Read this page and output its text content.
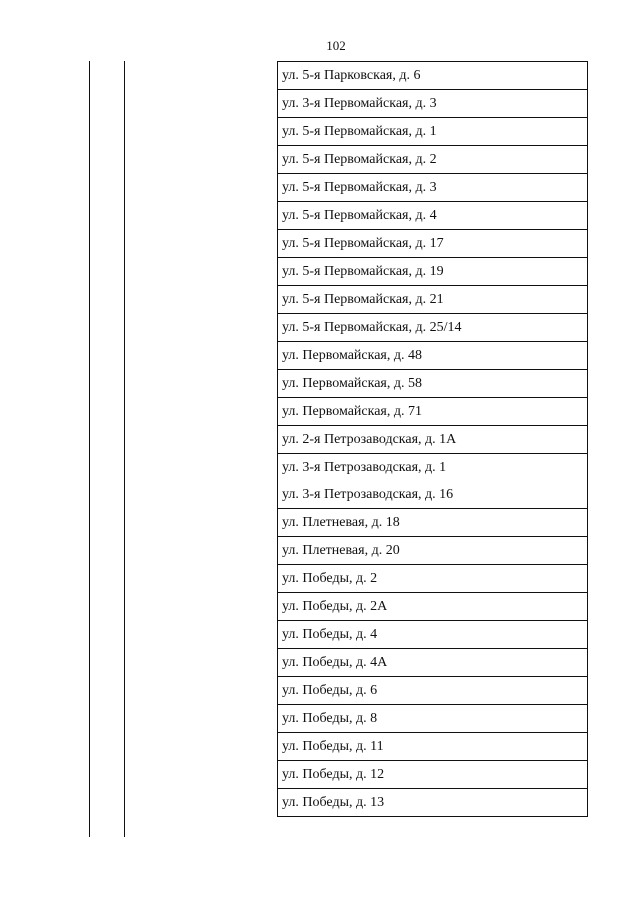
102
ул. 5-я Парковская, д. 6
ул. 3-я Первомайская, д. 3
ул. 5-я Первомайская, д. 1
ул. 5-я Первомайская, д. 2
ул. 5-я Первомайская, д. 3
ул. 5-я Первомайская, д. 4
ул. 5-я Первомайская, д. 17
ул. 5-я Первомайская, д. 19
ул. 5-я Первомайская, д. 21
ул. 5-я Первомайская, д. 25/14
ул. Первомайская, д. 48
ул. Первомайская, д. 58
ул. Первомайская, д. 71
ул. 2-я Петрозаводская, д. 1А
ул. 3-я Петрозаводская, д. 1
ул. 3-я Петрозаводская, д. 16
ул. Плетневая, д. 18
ул. Плетневая, д. 20
ул. Победы, д. 2
ул. Победы, д. 2А
ул. Победы, д. 4
ул. Победы, д. 4А
ул. Победы, д. 6
ул. Победы, д. 8
ул. Победы, д. 11
ул. Победы, д. 12
ул. Победы, д. 13
